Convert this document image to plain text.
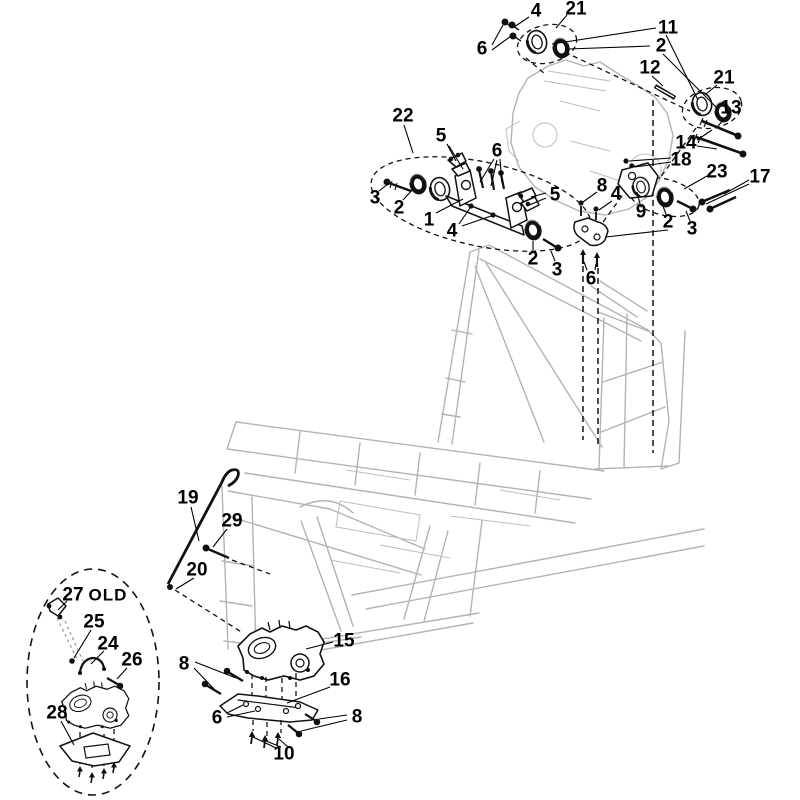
4 21
6
11
2
12	21
13
14
18
23 17
22
5
6
3 2
1
4
5 8 4
9 2 3
2
3 6
19
29
20
15
8
16
6	8
10
27 OLD
25
24
26
28
